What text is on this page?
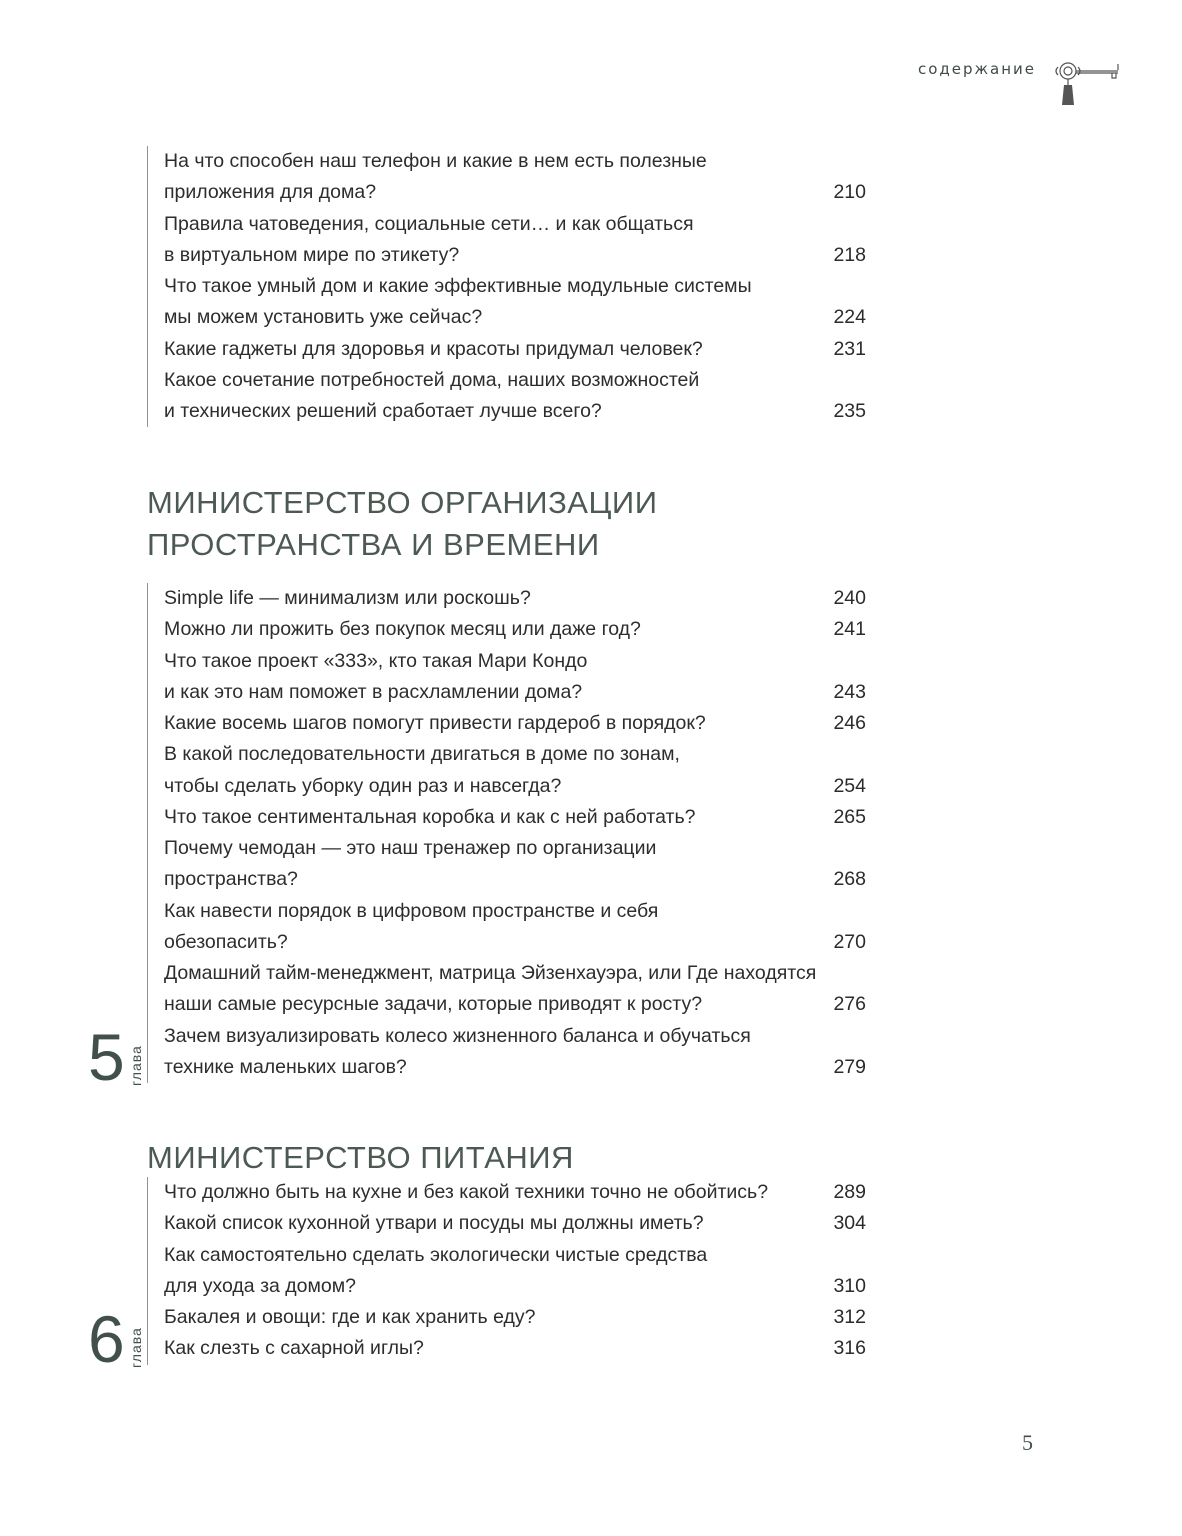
содержание
На что способен наш телефон и какие в нем есть полезные
приложения для дома?	210
Правила чатоведения, социальные сети… и как общаться
в виртуальном мире по этикету?	218
Что такое умный дом и какие эффективные модульные системы
мы можем установить уже сейчас?	224
Какие гаджеты для здоровья и красоты придумал человек?	231
Какое сочетание потребностей дома, наших возможностей
и технических решений сработает лучше всего?	235
МИНИСТЕРСТВО ОРГАНИЗАЦИИ
ПРОСТРАНСТВА И ВРЕМЕНИ
Simple life — минимализм или роскошь?	240
Можно ли прожить без покупок месяц или даже год?	241
Что такое проект «333», кто такая Мари Кондо
и как это нам поможет в расхламлении дома?	243
Какие восемь шагов помогут привести гардероб в порядок?	246
В какой последовательности двигаться в доме по зонам,
чтобы сделать уборку один раз и навсегда?	254
Что такое сентиментальная коробка и как с ней работать?	265
Почему чемодан — это наш тренажер по организации
пространства?	268
Как навести порядок в цифровом пространстве и себя
обезопасить?	270
Домашний тайм-менеджмент, матрица Эйзенхауэра, или Где находятся
наши самые ресурсные задачи, которые приводят к росту?	276
Зачем визуализировать колесо жизненного баланса и обучаться
технике маленьких шагов?	279
5 глава
МИНИСТЕРСТВО ПИТАНИЯ
Что должно быть на кухне и без какой техники точно не обойтись?	289
Какой список кухонной утвари и посуды мы должны иметь?	304
Как самостоятельно сделать экологически чистые средства
для ухода за домом?	310
Бакалея и овощи: где и как хранить еду?	312
Как слезть с сахарной иглы?	316
6 глава
5
